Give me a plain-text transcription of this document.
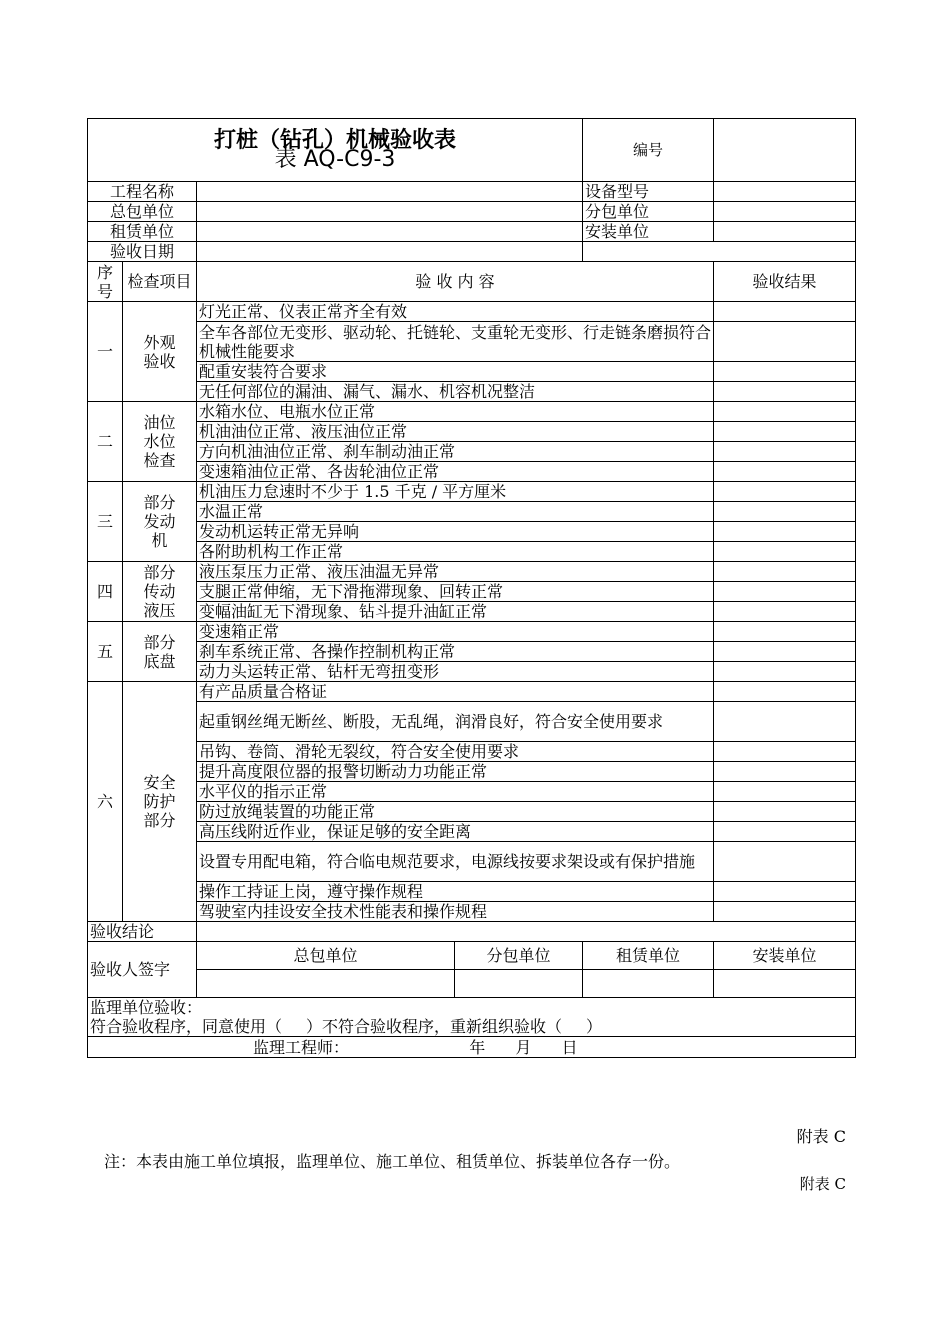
打桩（钻孔）机械验收表
表 AQ-C9-3				编号	
工程名称				设备型号	
总包单位				分包单位	
租赁单位				安装单位	
验收日期					
序号	检查项目	验 收 内 容			验收结果
一	外观验收	灯光正常、仪表正常齐全有效			
		全车各部位无变形、驱动轮、托链轮、支重轮无变形、行走链条磨损符合机械性能要求			
		配重安装符合要求			
		无任何部位的漏油、漏气、漏水、机容机况整洁			
二	油位水位检查	水箱水位、电瓶水位正常			
		机油油位正常、液压油位正常			
		方向机油油位正常、刹车制动油正常			
		变速箱油位正常、各齿轮油位正常			
三	部分发动机	机油压力怠速时不少于 1.5 千克 / 平方厘米			
		水温正常			
		发动机运转正常无异响			
		各附助机构工作正常			
四	部分传动液压	液压泵压力正常、液压油温无异常			
		支腿正常伸缩，无下滑拖滞现象、回转正常			
		变幅油缸无下滑现象、钻斗提升油缸正常			
五	部分底盘	变速箱正常			
		刹车系统正常、各操作控制机构正常			
		动力头运转正常、钻杆无弯扭变形			
六	安全防护部分	有产品质量合格证			
		起重钢丝绳无断丝、断股，无乱绳，润滑良好，符合安全使用要求			
		吊钩、卷筒、滑轮无裂纹，符合安全使用要求			
		提升高度限位器的报警切断动力功能正常			
		水平仪的指示正常			
		防过放绳装置的功能正常			
		高压线附近作业，保证足够的安全距离			
		设置专用配电箱，符合临电规范要求，电源线按要求架设或有保护措施			
		操作工持证上岗，遵守操作规程			
		驾驶室内挂设安全技术性能表和操作规程			
验收结论					
验收人签字		总包单位	分包单位	租赁单位	安装单位

监理单位验收：
符合验收程序，同意使用（ ）不符合验收程序，重新组织验收（ ）					

监理工程师： 年 月 日					
附表 C
注：本表由施工单位填报，监理单位、施工单位、租赁单位、拆装单位各存一份。
附表 C
